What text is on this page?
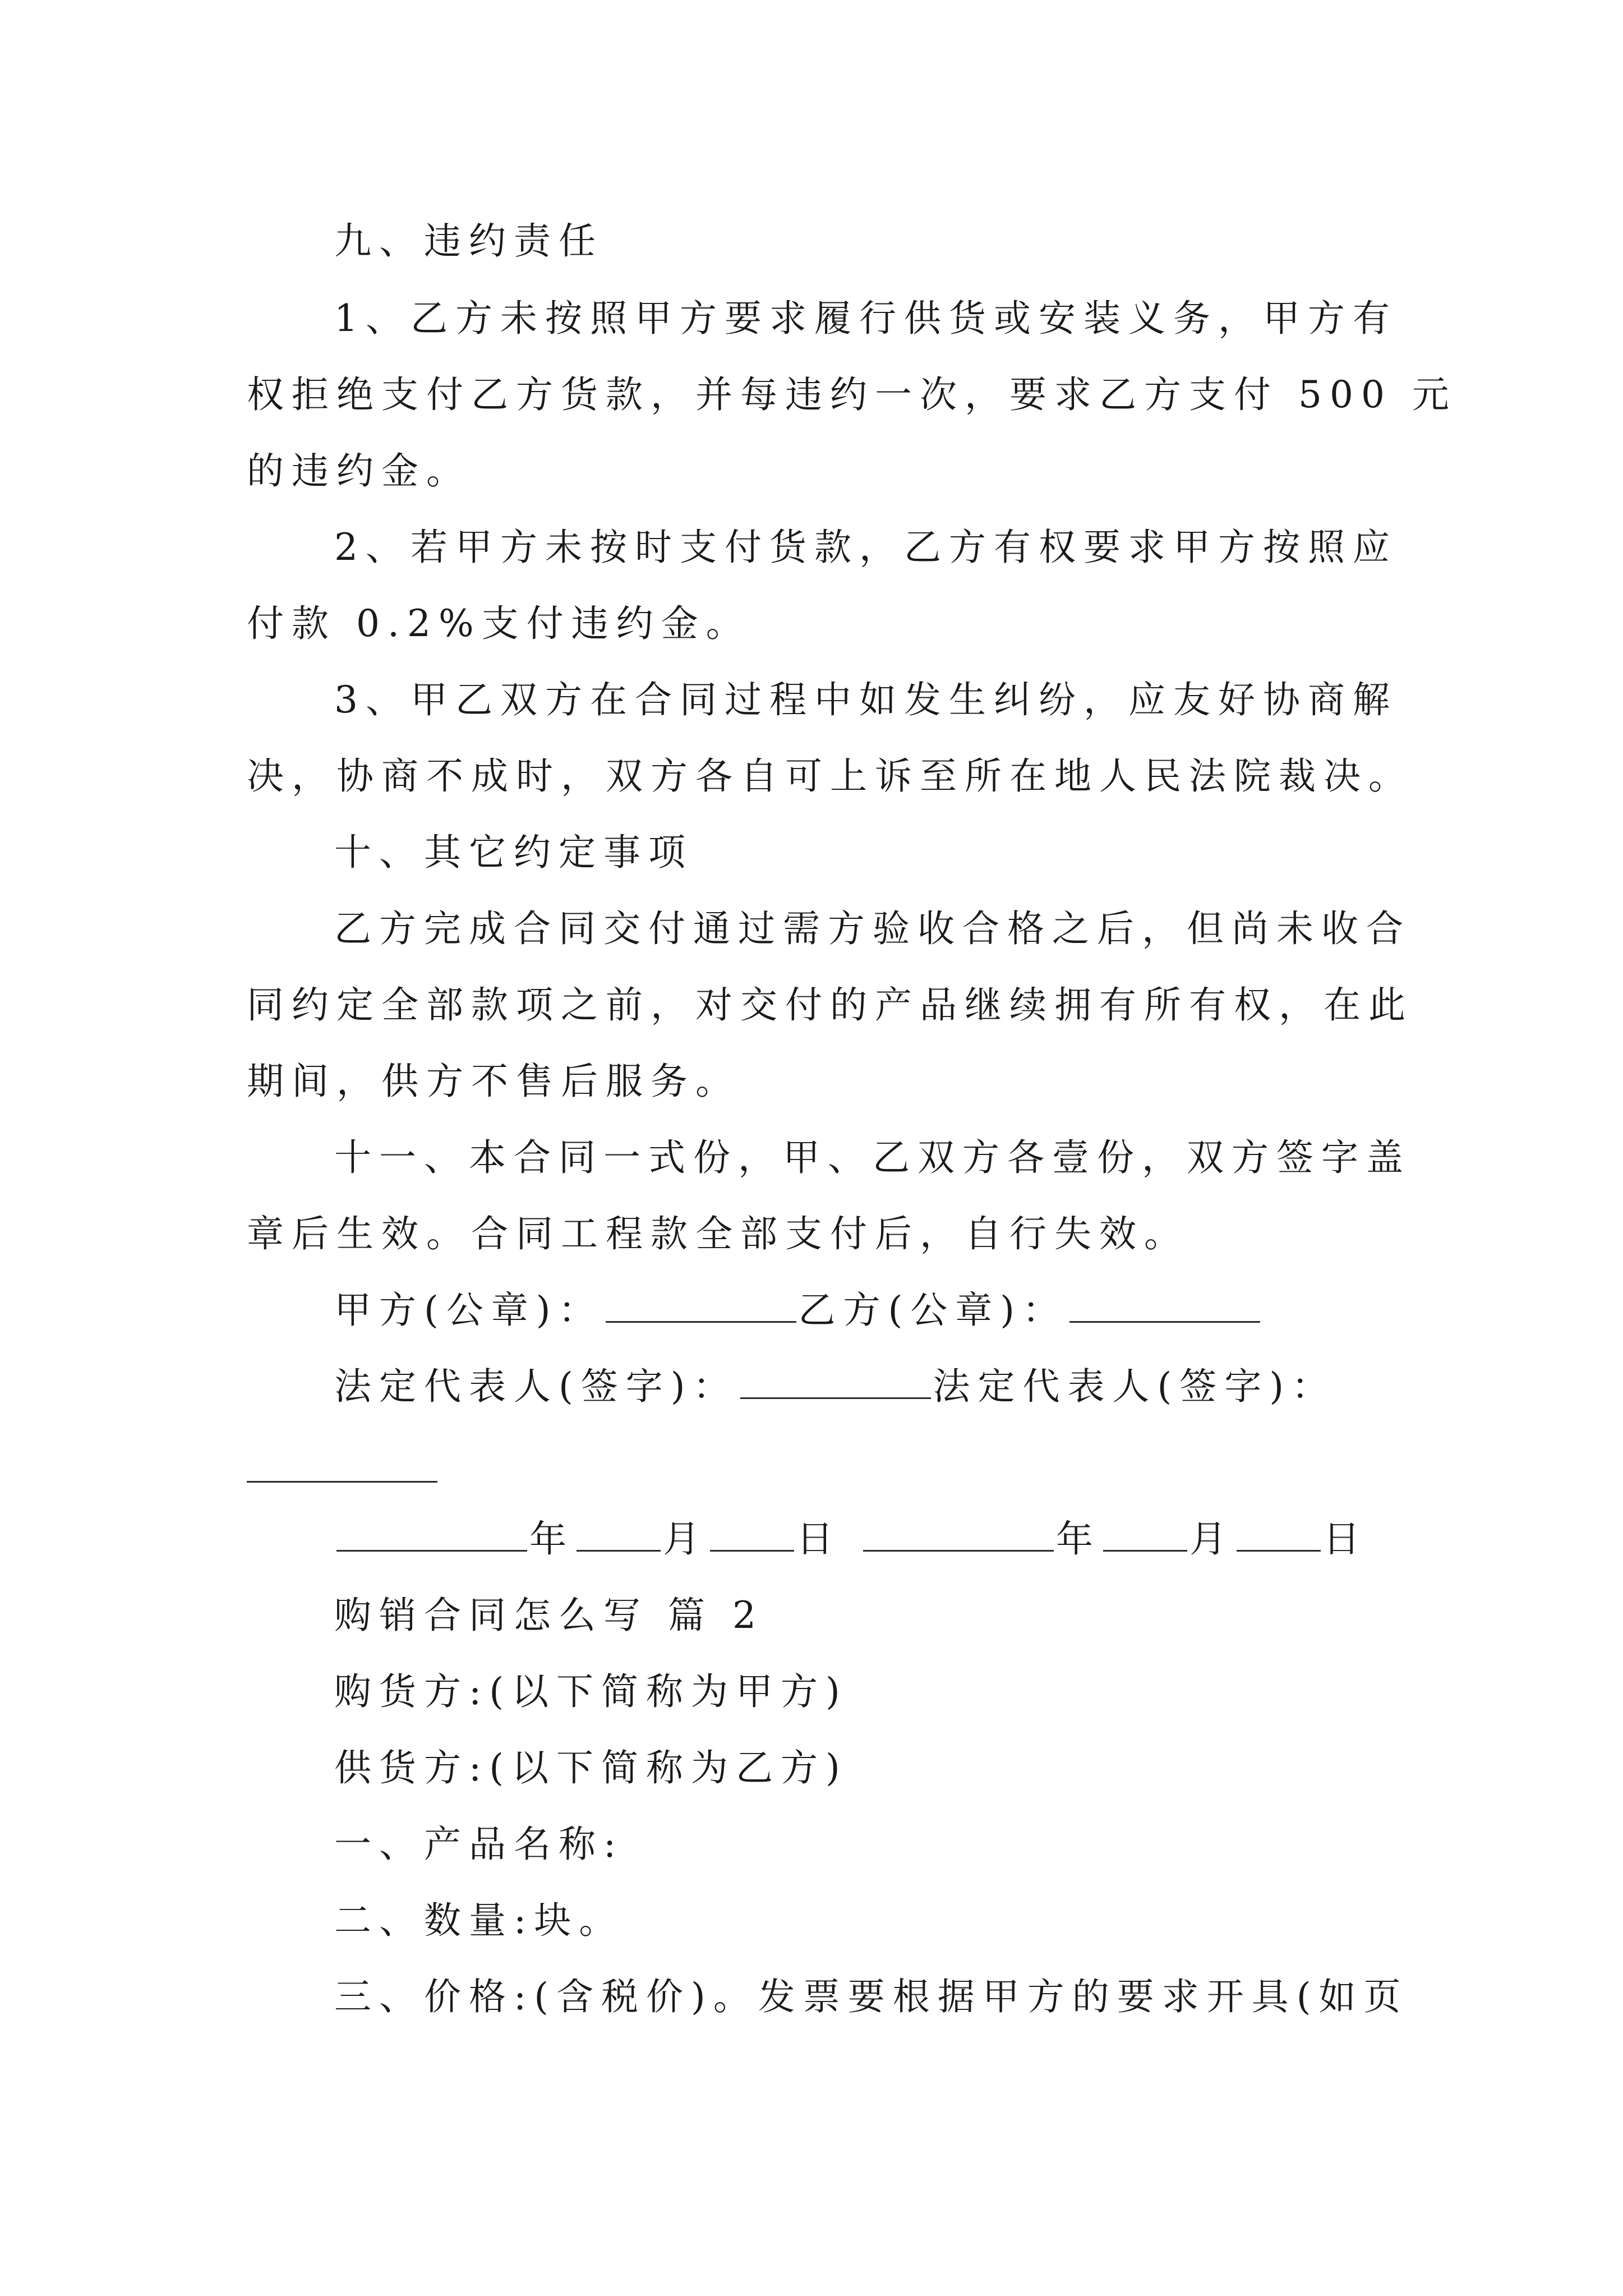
九、违约责任
1、乙方未按照甲方要求履行供货或安装义务，甲方有
权拒绝支付乙方货款，并每违约一次，要求乙方支付 500 元
的违约金。
2、若甲方未按时支付货款，乙方有权要求甲方按照应
付款 0.2%支付违约金。
3、甲乙双方在合同过程中如发生纠纷，应友好协商解
决，协商不成时，双方各自可上诉至所在地人民法院裁决。
十、其它约定事项
乙方完成合同交付通过需方验收合格之后，但尚未收合
同约定全部款项之前，对交付的产品继续拥有所有权，在此
期间，供方不售后服务。
十一、本合同一式份，甲、乙双方各壹份，双方签字盖
章后生效。合同工程款全部支付后，自行失效。
甲方(公章)：	乙方(公章)：
法定代表人(签字)：	法定代表人(签字)：
年 月 日	年 月 日
购销合同怎么写 篇 2
购货方:(以下简称为甲方)
供货方:(以下简称为乙方)
一、产品名称:
二、数量:块。
三、价格:(含税价)。发票要根据甲方的要求开具(如页
